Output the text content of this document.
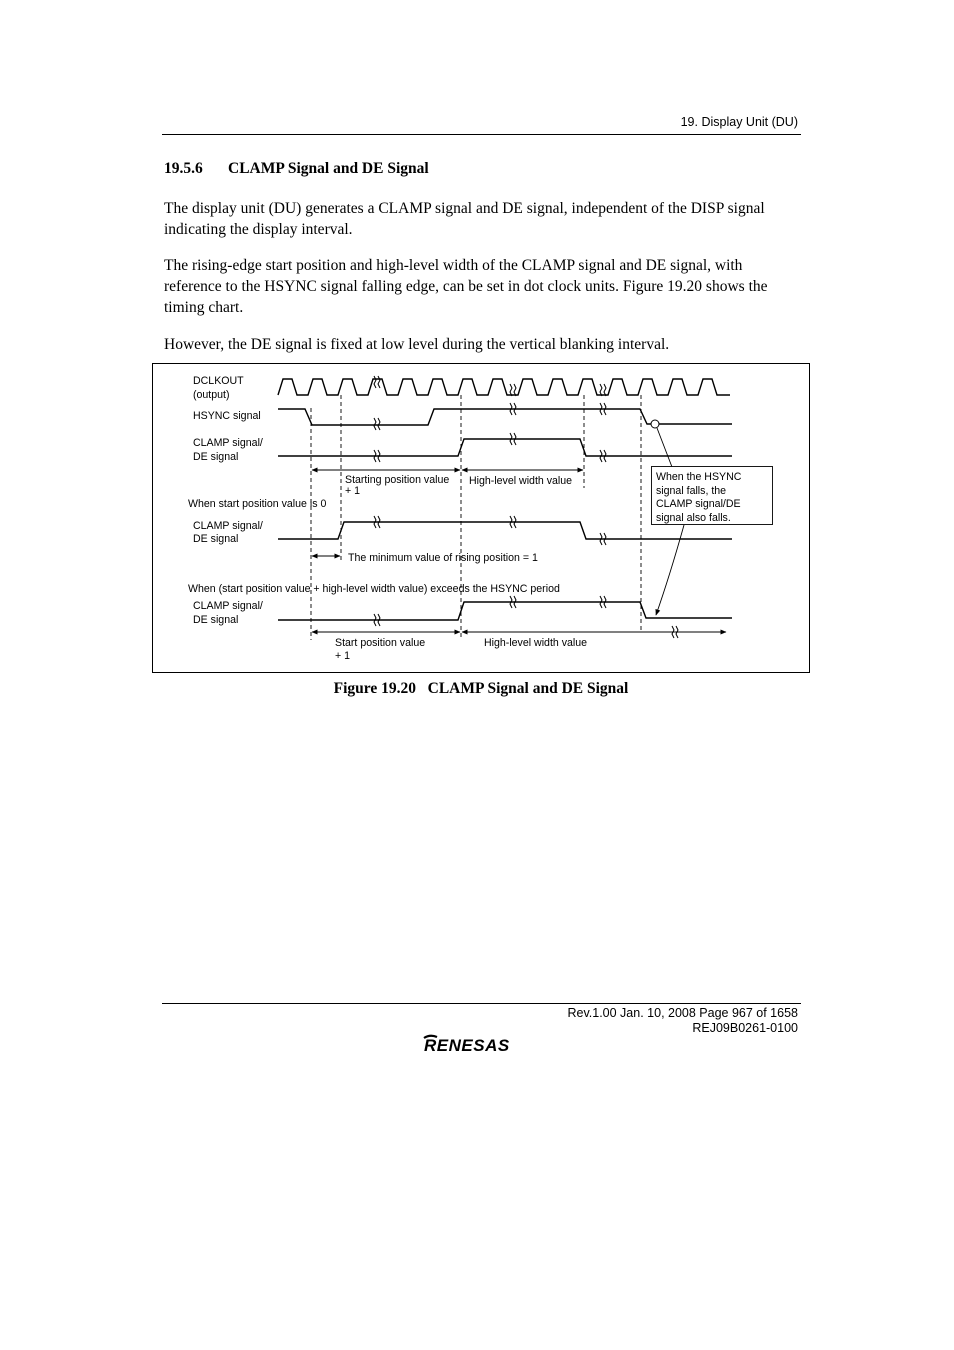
19. Display Unit (DU)
19.5.6 CLAMP Signal and DE Signal
The display unit (DU) generates a CLAMP signal and DE signal, independent of the DISP signal indicating the display interval.
The rising-edge start position and high-level width of the CLAMP signal and DE signal, with reference to the HSYNC signal falling edge, can be set in dot clock units. Figure 19.20 shows the timing chart.
However, the DE signal is fixed at low level during the vertical blanking interval.
DCLKOUT
(output)
HSYNC signal
CLAMP signal/
DE signal
When start position value is 0
CLAMP signal/
DE signal
When (start position value + high-level width value) exceeds the HSYNC period
CLAMP signal/
DE signal
Starting position value
+ 1
High-level width value
The minimum value of rising position = 1
Start position value
+ 1
High-level width value
When the HSYNC
signal falls, the
CLAMP signal/DE
signal also falls.
Figure 19.20   CLAMP Signal and DE Signal
Rev.1.00 Jan. 10, 2008 Page 967 of 1658
REJ09B0261-0100
RENESAS
